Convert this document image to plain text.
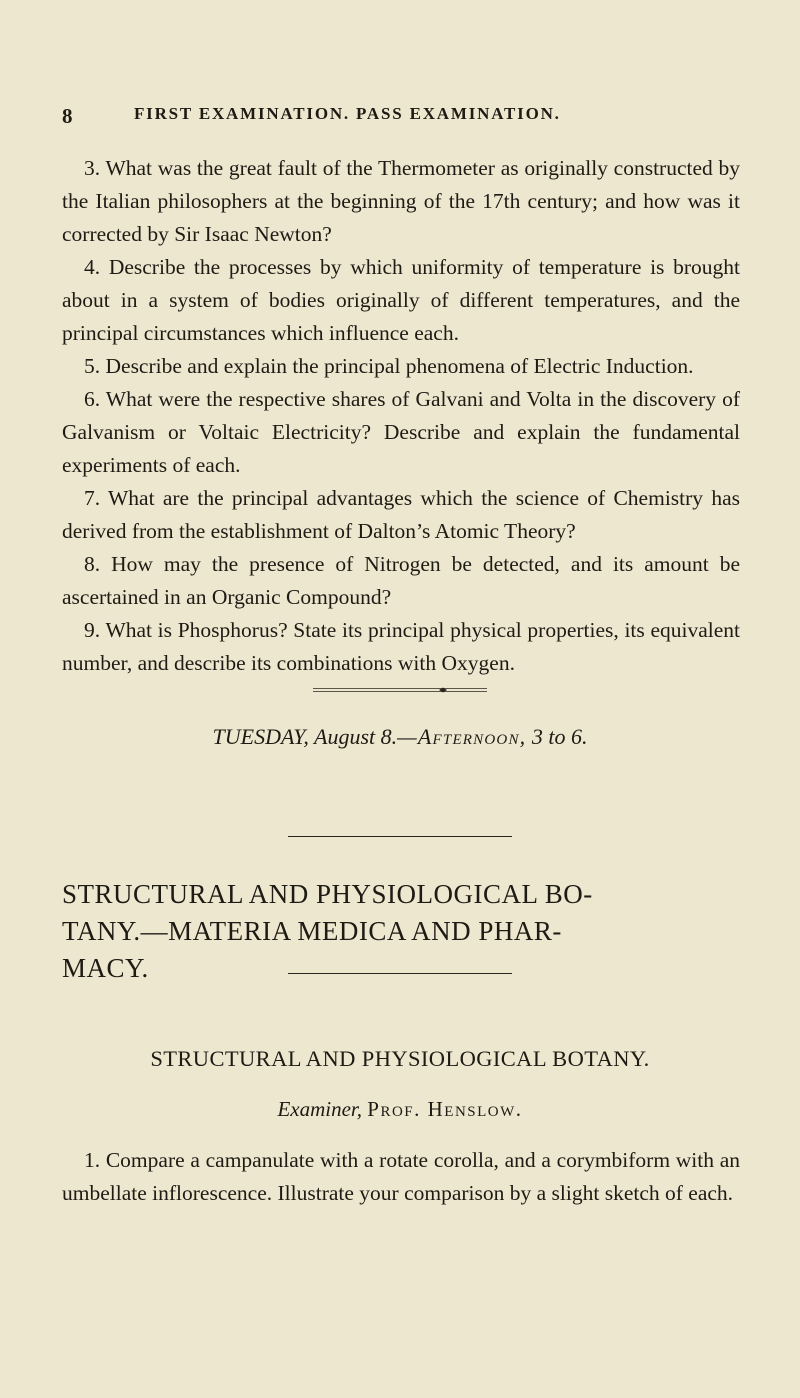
8	FIRST EXAMINATION. PASS EXAMINATION.

3. What was the great fault of the Thermometer as originally constructed by the Italian philosophers at the beginning of the 17th century; and how was it corrected by Sir Isaac Newton?

4. Describe the processes by which uniformity of temperature is brought about in a system of bodies originally of different temperatures, and the principal circumstances which influence each.

5. Describe and explain the principal phenomena of Electric Induction.

6. What were the respective shares of Galvani and Volta in the discovery of Galvanism or Voltaic Electricity? Describe and explain the fundamental experiments of each.

7. What are the principal advantages which the science of Chemistry has derived from the establishment of Dalton’s Atomic Theory?

8. How may the presence of Nitrogen be detected, and its amount be ascertained in an Organic Compound?

9. What is Phosphorus? State its principal physical properties, its equivalent number, and describe its combinations with Oxygen.

TUESDAY, August 8.—Afternoon, 3 to 6.
STRUCTURAL AND PHYSIOLOGICAL BO-
TANY.—MATERIA MEDICA AND PHAR-
MACY.
STRUCTURAL AND PHYSIOLOGICAL BOTANY.
Examiner, Prof. Henslow.

1. Compare a campanulate with a rotate corolla, and a corymbiform with an umbellate inflorescence. Illustrate your comparison by a slight sketch of each.
